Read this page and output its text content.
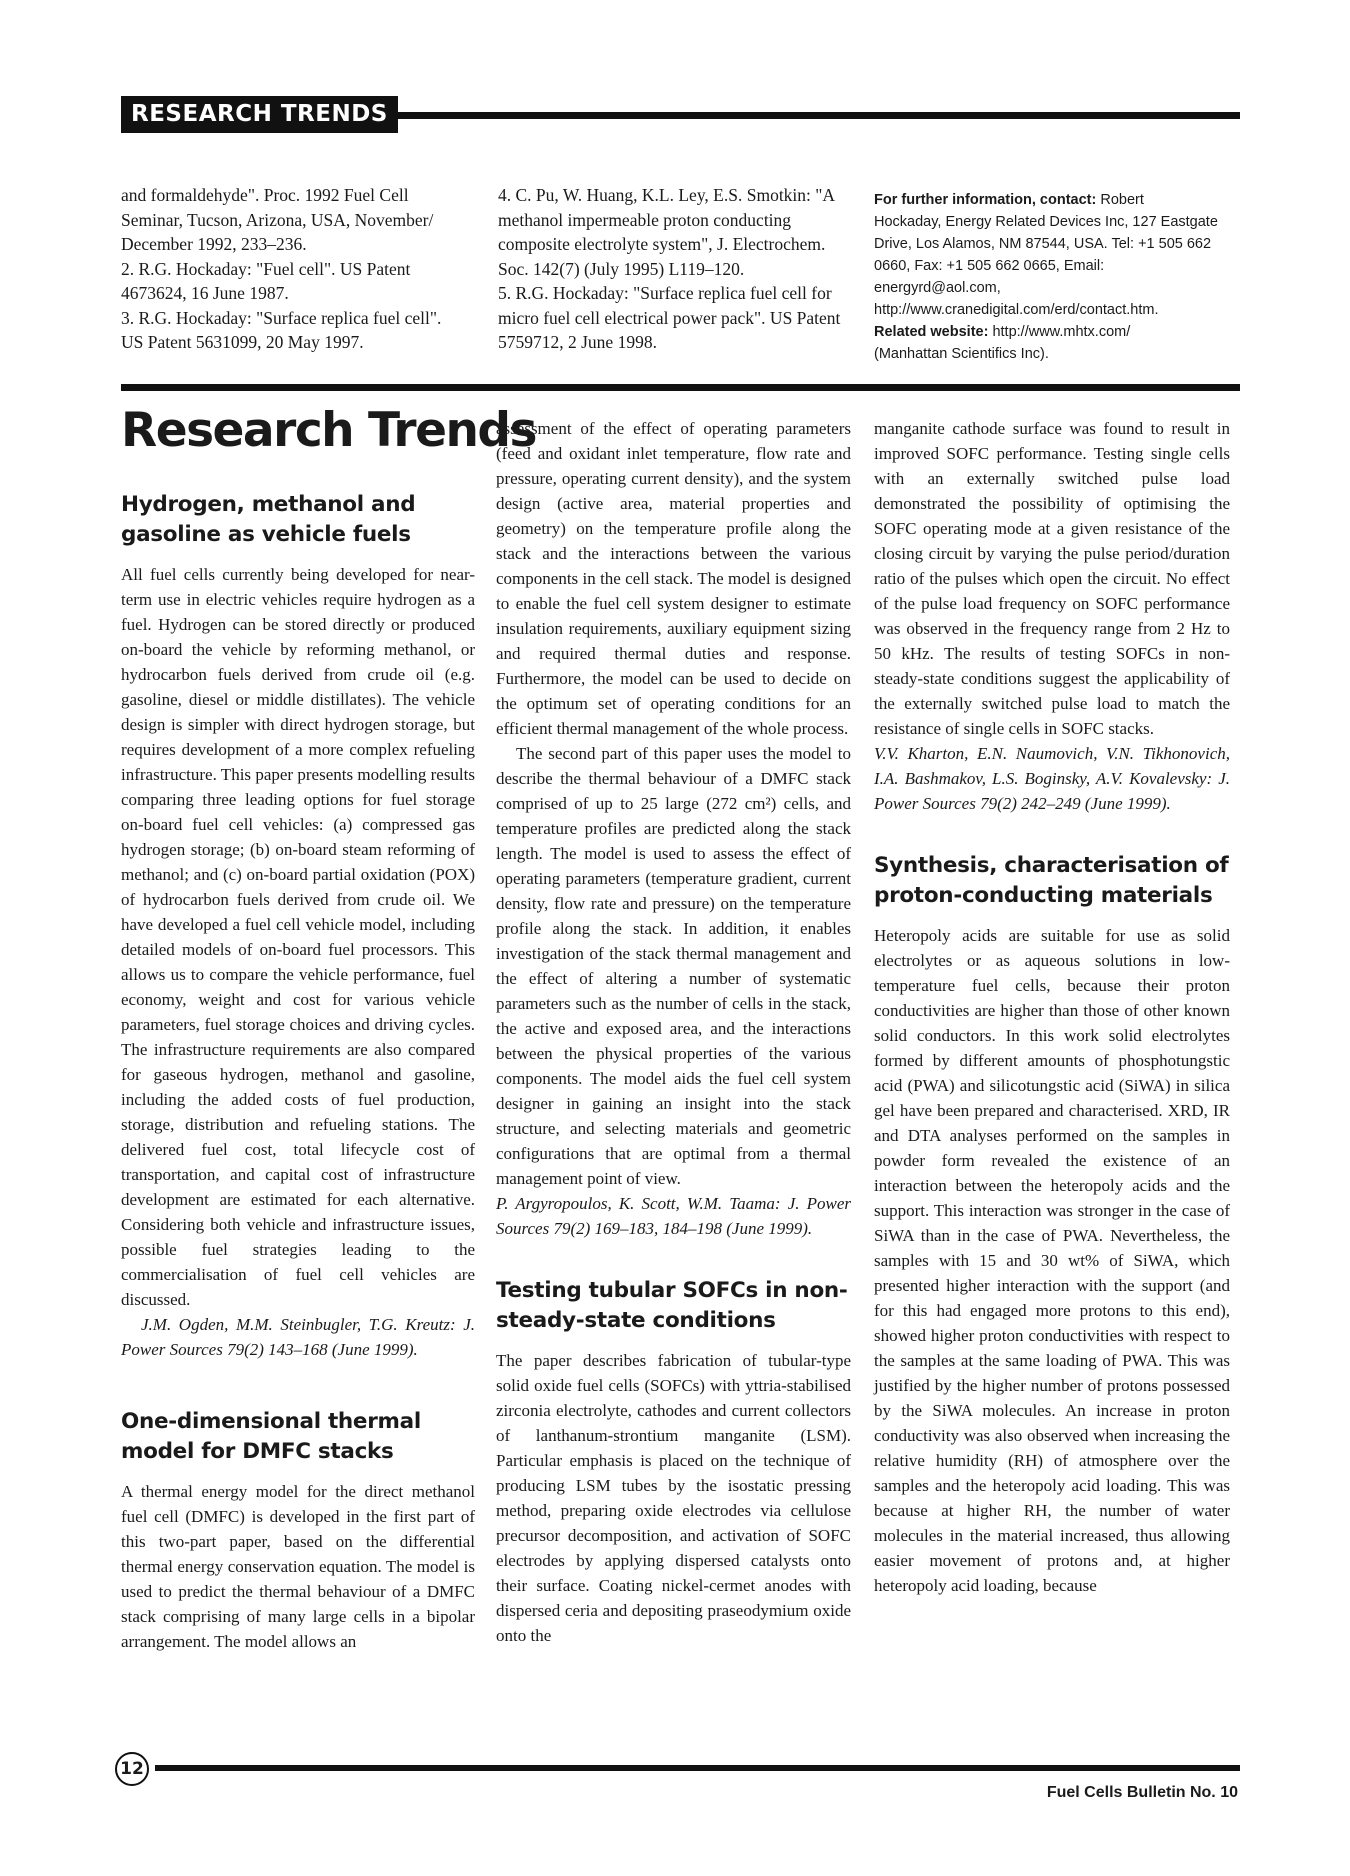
RESEARCH TRENDS

and formaldehyde". Proc. 1992 Fuel Cell

Seminar, Tucson, Arizona, USA, November/

December 1992, 233–236.

2. R.G. Hockaday: "Fuel cell". US Patent

4673624, 16 June 1987.

3. R.G. Hockaday: "Surface replica fuel cell".

US Patent 5631099, 20 May 1997.

4. C. Pu, W. Huang, K.L. Ley, E.S. Smotkin: "A

methanol impermeable proton conducting

composite electrolyte system", J. Electrochem.

Soc. 142(7) (July 1995) L119–120.

5. R.G. Hockaday: "Surface replica fuel cell for

micro fuel cell electrical power pack". US Patent

5759712, 2 June 1998.

For further information, contact: Robert
Hockaday, Energy Related Devices Inc, 127 Eastgate
Drive, Los Alamos, NM 87544, USA. Tel: +1 505 662
0660, Fax: +1 505 662 0665, Email:
energyrd@aol.com,
http://www.cranedigital.com/erd/contact.htm.
Related website: http://www.mhtx.com/
(Manhattan Scientifics Inc).
Research Trends
Hydrogen, methanol and gasoline as vehicle fuels

All fuel cells currently being developed for near-term use in electric vehicles require hydrogen as a fuel. Hydrogen can be stored directly or produced on-board the vehicle by reforming methanol, or hydrocarbon fuels derived from crude oil (e.g. gasoline, diesel or middle distillates). The vehicle design is simpler with direct hydrogen storage, but requires development of a more complex refueling infrastructure. This paper presents modelling results comparing three leading options for fuel storage on-board fuel cell vehicles: (a) compressed gas hydrogen storage; (b) on-board steam reforming of methanol; and (c) on-board partial oxidation (POX) of hydrocarbon fuels derived from crude oil. We have developed a fuel cell vehicle model, including detailed models of on-board fuel processors. This allows us to compare the vehicle performance, fuel economy, weight and cost for various vehicle parameters, fuel storage choices and driving cycles. The infrastructure requirements are also compared for gaseous hydrogen, methanol and gasoline, including the added costs of fuel production, storage, distribution and refueling stations. The delivered fuel cost, total lifecycle cost of transportation, and capital cost of infrastructure development are estimated for each alternative. Considering both vehicle and infrastructure issues, possible fuel strategies leading to the commercialisation of fuel cell vehicles are discussed.

J.M. Ogden, M.M. Steinbugler, T.G. Kreutz: J. Power Sources 79(2) 143–168 (June 1999).

One-dimensional thermal model for DMFC stacks

A thermal energy model for the direct methanol fuel cell (DMFC) is developed in the first part of this two-part paper, based on the differential thermal energy conservation equation. The model is used to predict the thermal behaviour of a DMFC stack comprising of many large cells in a bipolar arrangement. The model allows an

assessment of the effect of operating parameters (feed and oxidant inlet temperature, flow rate and pressure, operating current density), and the system design (active area, material properties and geometry) on the temperature profile along the stack and the interactions between the various components in the cell stack. The model is designed to enable the fuel cell system designer to estimate insulation requirements, auxiliary equipment sizing and required thermal duties and response. Furthermore, the model can be used to decide on the optimum set of operating conditions for an efficient thermal management of the whole process.

The second part of this paper uses the model to describe the thermal behaviour of a DMFC stack comprised of up to 25 large (272 cm²) cells, and temperature profiles are predicted along the stack length. The model is used to assess the effect of operating parameters (temperature gradient, current density, flow rate and pressure) on the temperature profile along the stack. In addition, it enables investigation of the stack thermal management and the effect of altering a number of systematic parameters such as the number of cells in the stack, the active and exposed area, and the interactions between the physical properties of the various components. The model aids the fuel cell system designer in gaining an insight into the stack structure, and selecting materials and geometric configurations that are optimal from a thermal management point of view.

P. Argyropoulos, K. Scott, W.M. Taama: J. Power Sources 79(2) 169–183, 184–198 (June 1999).

Testing tubular SOFCs in non-steady-state conditions

The paper describes fabrication of tubular-type solid oxide fuel cells (SOFCs) with yttria-stabilised zirconia electrolyte, cathodes and current collectors of lanthanum-strontium manganite (LSM). Particular emphasis is placed on the technique of producing LSM tubes by the isostatic pressing method, preparing oxide electrodes via cellulose precursor decomposition, and activation of SOFC electrodes by applying dispersed catalysts onto their surface. Coating nickel-cermet anodes with dispersed ceria and depositing praseodymium oxide onto the

manganite cathode surface was found to result in improved SOFC performance. Testing single cells with an externally switched pulse load demonstrated the possibility of optimising the SOFC operating mode at a given resistance of the closing circuit by varying the pulse period/duration ratio of the pulses which open the circuit. No effect of the pulse load frequency on SOFC performance was observed in the frequency range from 2 Hz to 50 kHz. The results of testing SOFCs in non-steady-state conditions suggest the applicability of the externally switched pulse load to match the resistance of single cells in SOFC stacks.

V.V. Kharton, E.N. Naumovich, V.N. Tikhonovich, I.A. Bashmakov, L.S. Boginsky, A.V. Kovalevsky: J. Power Sources 79(2) 242–249 (June 1999).

Synthesis, characterisation of proton-conducting materials

Heteropoly acids are suitable for use as solid electrolytes or as aqueous solutions in low-temperature fuel cells, because their proton conductivities are higher than those of other known solid conductors. In this work solid electrolytes formed by different amounts of phosphotungstic acid (PWA) and silicotungstic acid (SiWA) in silica gel have been prepared and characterised. XRD, IR and DTA analyses performed on the samples in powder form revealed the existence of an interaction between the heteropoly acids and the support. This interaction was stronger in the case of SiWA than in the case of PWA. Nevertheless, the samples with 15 and 30 wt% of SiWA, which presented higher interaction with the support (and for this had engaged more protons to this end), showed higher proton conductivities with respect to the samples at the same loading of PWA. This was justified by the higher number of protons possessed by the SiWA molecules. An increase in proton conductivity was also observed when increasing the relative humidity (RH) of atmosphere over the samples and the heteropoly acid loading. This was because at higher RH, the number of water molecules in the material increased, thus allowing easier movement of protons and, at higher heteropoly acid loading, because

12
Fuel Cells Bulletin No. 10
